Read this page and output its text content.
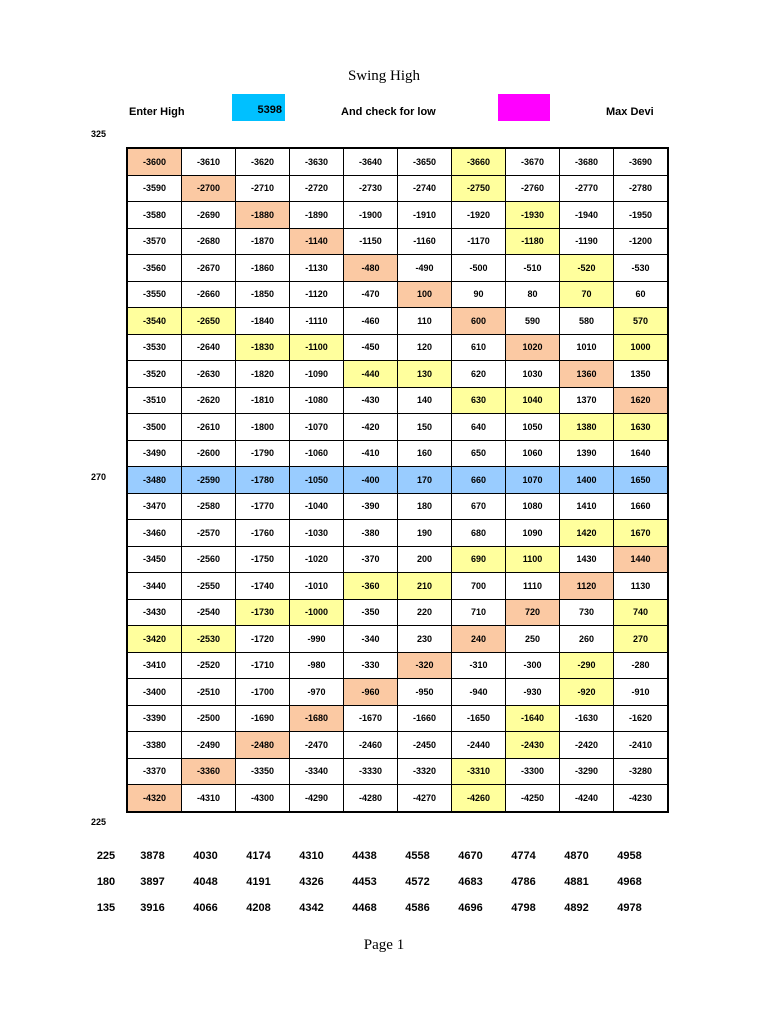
Swing High
Enter High	5398	And check for low	Max Devi
325
270
225
-3600	-3610	-3620	-3630	-3640	-3650	-3660	-3670	-3680	-3690
-3590	-2700	-2710	-2720	-2730	-2740	-2750	-2760	-2770	-2780
-3580	-2690	-1880	-1890	-1900	-1910	-1920	-1930	-1940	-1950
-3570	-2680	-1870	-1140	-1150	-1160	-1170	-1180	-1190	-1200
-3560	-2670	-1860	-1130	-480	-490	-500	-510	-520	-530
-3550	-2660	-1850	-1120	-470	100	90	80	70	60
-3540	-2650	-1840	-1110	-460	110	600	590	580	570
-3530	-2640	-1830	-1100	-450	120	610	1020	1010	1000
-3520	-2630	-1820	-1090	-440	130	620	1030	1360	1350
-3510	-2620	-1810	-1080	-430	140	630	1040	1370	1620
-3500	-2610	-1800	-1070	-420	150	640	1050	1380	1630
-3490	-2600	-1790	-1060	-410	160	650	1060	1390	1640
-3480	-2590	-1780	-1050	-400	170	660	1070	1400	1650
-3470	-2580	-1770	-1040	-390	180	670	1080	1410	1660
-3460	-2570	-1760	-1030	-380	190	680	1090	1420	1670
-3450	-2560	-1750	-1020	-370	200	690	1100	1430	1440
-3440	-2550	-1740	-1010	-360	210	700	1110	1120	1130
-3430	-2540	-1730	-1000	-350	220	710	720	730	740
-3420	-2530	-1720	-990	-340	230	240	250	260	270
-3410	-2520	-1710	-980	-330	-320	-310	-300	-290	-280
-3400	-2510	-1700	-970	-960	-950	-940	-930	-920	-910
-3390	-2500	-1690	-1680	-1670	-1660	-1650	-1640	-1630	-1620
-3380	-2490	-2480	-2470	-2460	-2450	-2440	-2430	-2420	-2410
-3370	-3360	-3350	-3340	-3330	-3320	-3310	-3300	-3290	-3280
-4320	-4310	-4300	-4290	-4280	-4270	-4260	-4250	-4240	-4230
225	3878	4030	4174	4310	4438	4558	4670	4774	4870	4958
180	3897	4048	4191	4326	4453	4572	4683	4786	4881	4968
135	3916	4066	4208	4342	4468	4586	4696	4798	4892	4978
Page 1
